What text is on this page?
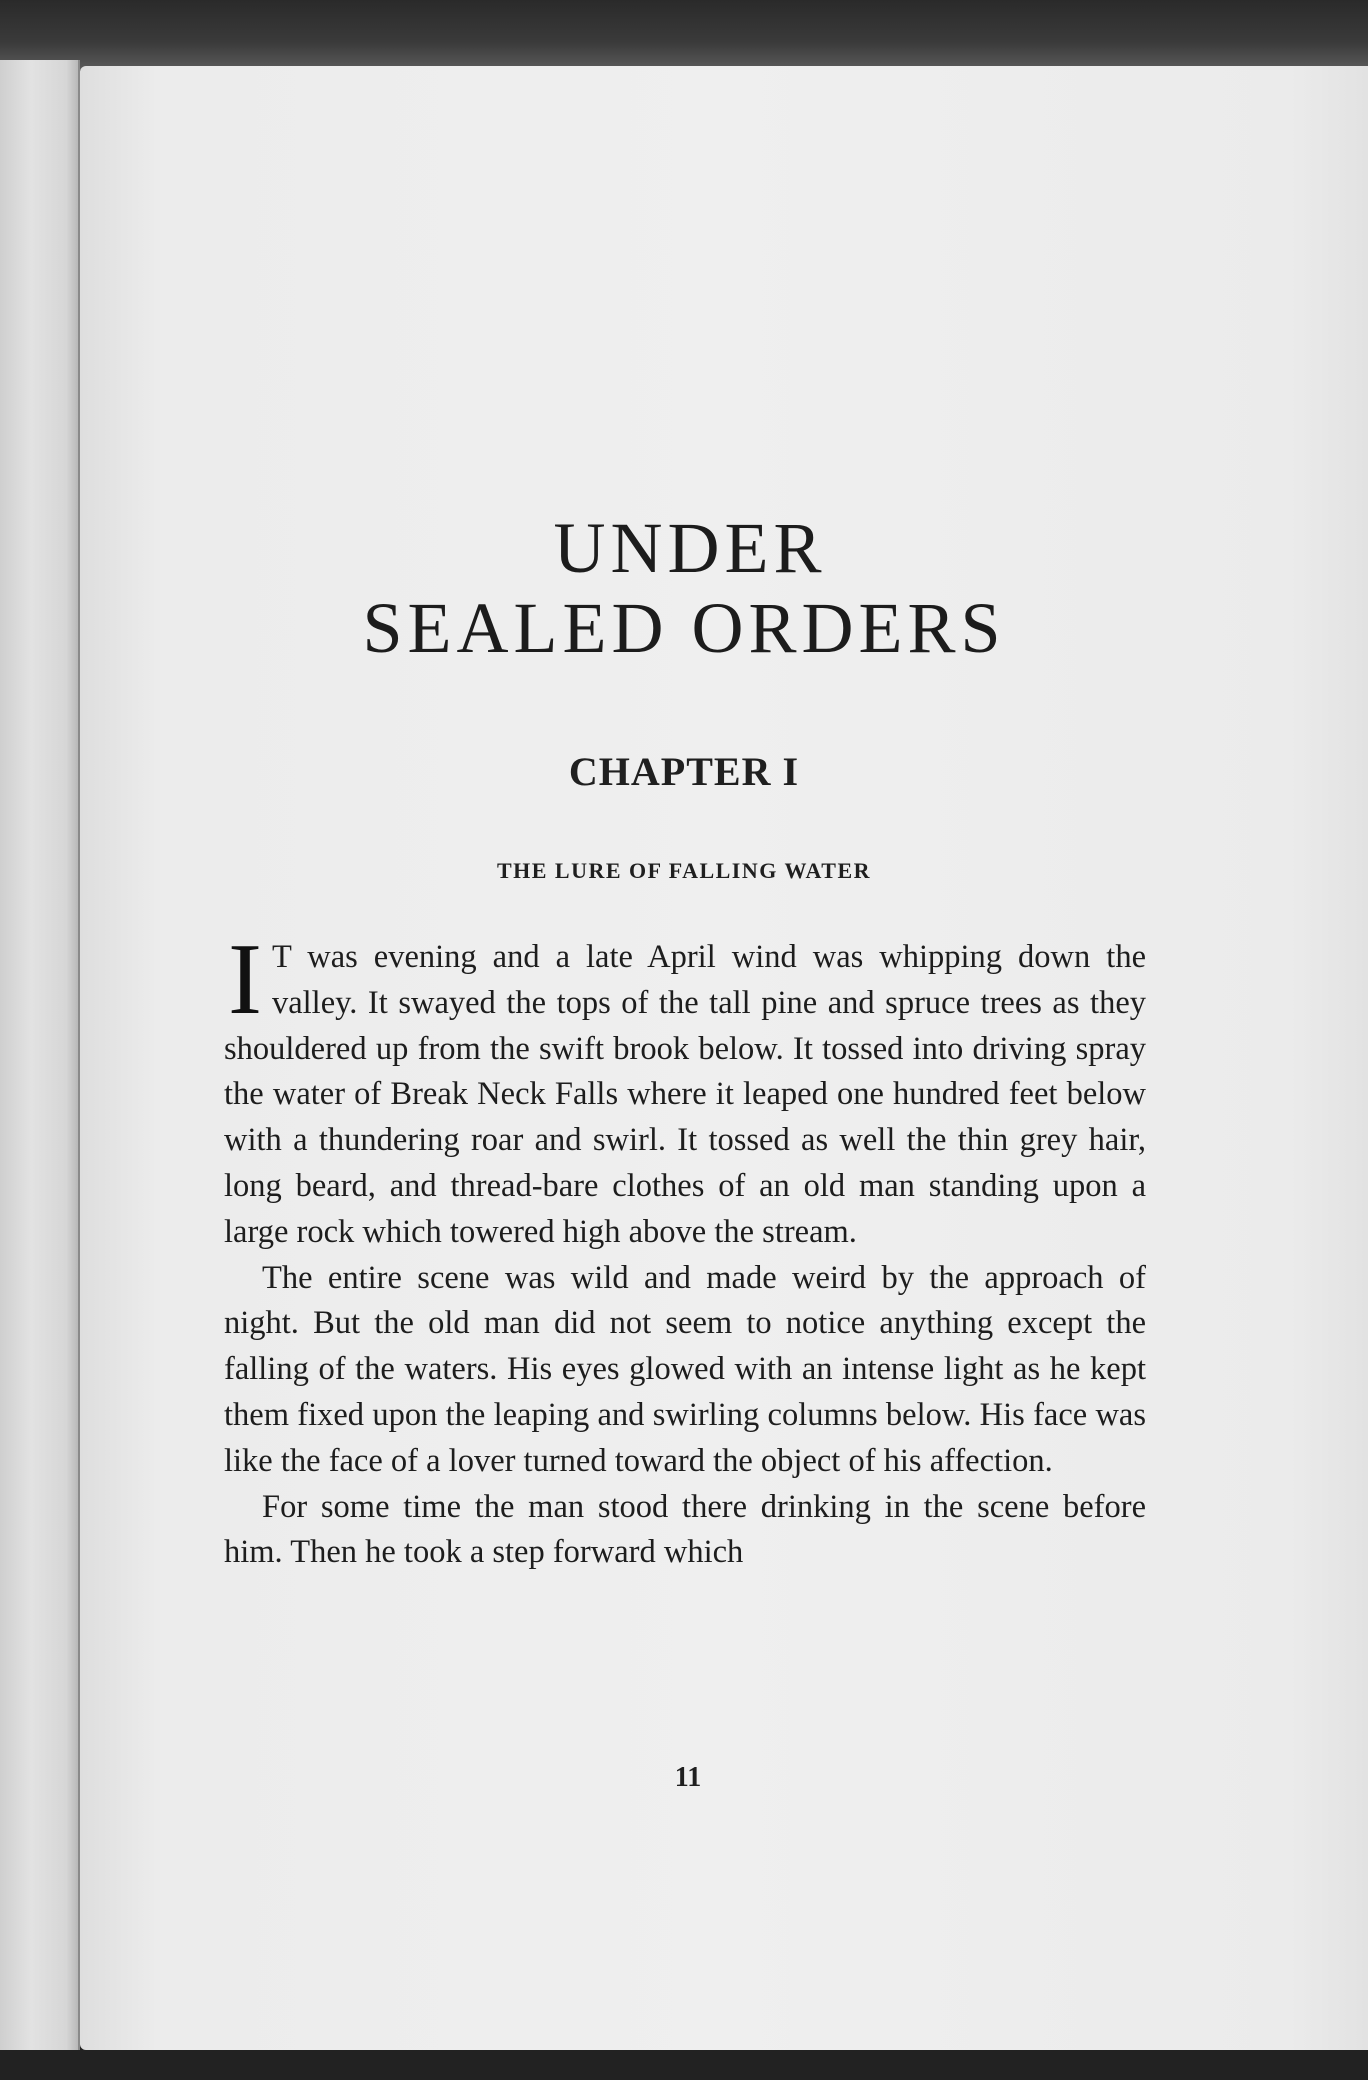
UNDER
SEALED ORDERS
CHAPTER I
THE LURE OF FALLING WATER

I T was evening and a late April wind was whipping down the valley. It swayed the tops of the tall pine and spruce trees as they shouldered up from the swift brook below. It tossed into driving spray the water of Break Neck Falls where it leaped one hundred feet below with a thundering roar and swirl. It tossed as well the thin grey hair, long beard, and thread-bare clothes of an old man standing upon a large rock which towered high above the stream.

The entire scene was wild and made weird by the approach of night. But the old man did not seem to notice anything except the falling of the waters. His eyes glowed with an intense light as he kept them fixed upon the leaping and swirling columns below. His face was like the face of a lover turned toward the object of his affection.

For some time the man stood there drinking in the scene before him. Then he took a step forward which

11
